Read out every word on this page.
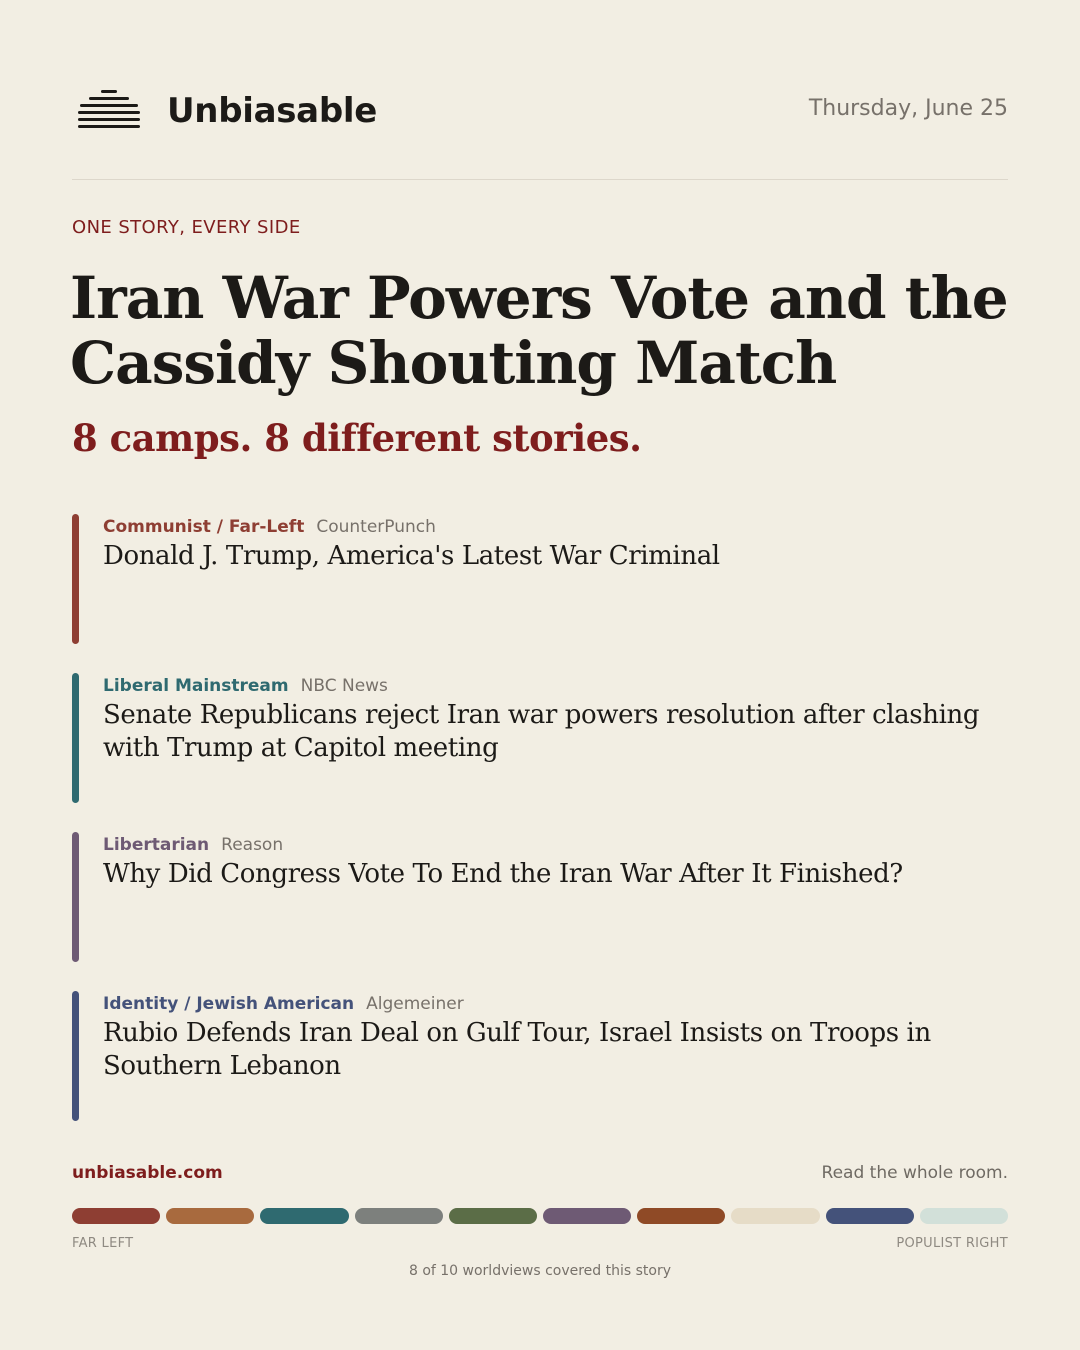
Unbiasable	Thursday, June 25
ONE STORY, EVERY SIDE
Iran War Powers Vote and the Cassidy Shouting Match
8 camps. 8 different stories.
Communist / Far-Left CounterPunch
Donald J. Trump, America's Latest War Criminal
Liberal Mainstream NBC News
Senate Republicans reject Iran war powers resolution after clashing with Trump at Capitol meeting
Libertarian Reason
Why Did Congress Vote To End the Iran War After It Finished?
Identity / Jewish American Algemeiner
Rubio Defends Iran Deal on Gulf Tour, Israel Insists on Troops in Southern Lebanon
unbiasable.com	Read the whole room.
FAR LEFT	POPULIST RIGHT
8 of 10 worldviews covered this story
